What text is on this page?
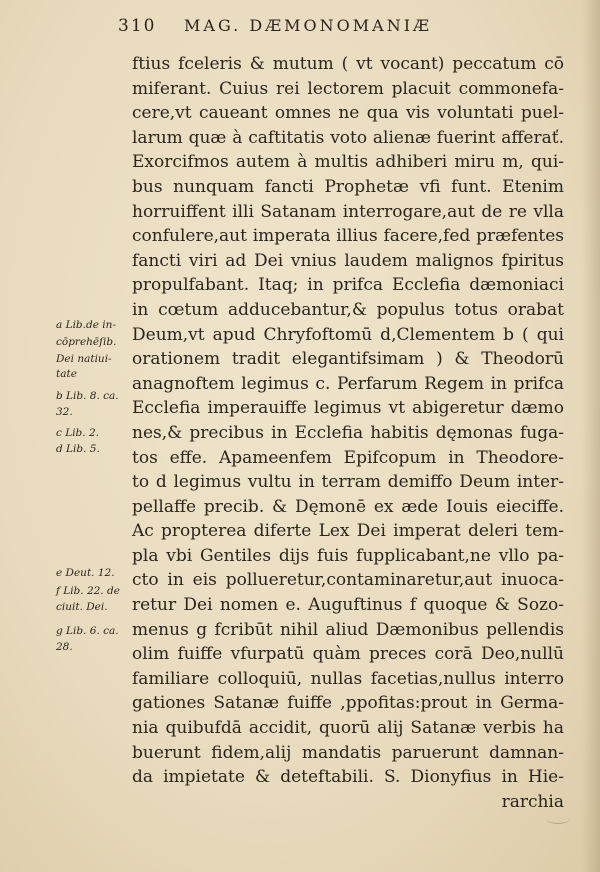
310	MAG. DÆMONOMANIÆ
ftius fceleris & mutum ( vt vocant) peccatum cō
miferant. Cuius rei lectorem placuit commonefa-
cere,vt caueant omnes ne qua vis voluntati puel-
larum quæ à caftitatis voto alienæ fuerint afferať.
Exorcifmos autem à multis adhiberi miru m, qui-
bus nunquam fancti Prophetæ vfi funt. Etenim
horruiffent illi Satanam interrogare,aut de re vlla
confulere,aut imperata illius facere,fed præfentes
fancti viri ad Dei vnius laudem malignos fpiritus
propulfabant. Itaq; in prifca Ecclefia dæmoniaci
in cœtum adducebantur,& populus totus orabat
Deum,vt apud Chryfoftomū d,Clementem b ( qui
orationem tradit elegantifsimam ) & Theodorū
anagnoftem legimus c. Perfarum Regem in prifca
Ecclefia imperauiffe legimus vt abigeretur dæmo
nes,& precibus in Ecclefia habitis dęmonas fuga-
tos effe. Apameenfem Epifcopum in Theodore-
to d legimus vultu in terram demiffo Deum inter-
pellaffe precib. & Dęmonē ex æde Iouis eieciffe.
Ac propterea diferte Lex Dei imperat deleri tem-
pla vbi Gentiles dijs fuis fupplicabant,ne vllo pa-
cto in eis pollueretur,contaminaretur,aut inuoca-
retur Dei nomen e. Auguftinus f quoque & Sozo-
menus g fcribūt nihil aliud Dæmonibus pellendis
olim fuiffe vfurpatū quàm preces corā Deo,nullū
familiare colloquiū, nullas facetias,nullus interro
gationes Satanæ fuiffe ,ppofitas:prout in Germa-
nia quibufdā accidit, quorū alij Satanæ verbis ha
buerunt fidem,alij mandatis paruerunt damnan-
da impietate & deteftabili. S. Dionyfius in Hie-
rarchia
a Lib.de in-
cōprehēſib.
Dei natiui-
tate
b Lib. 8. ca.
32.
c Lib. 2.
d Lib. 5.
e Deut. 12.
f Lib. 22. de
ciuit. Dei.
g Lib. 6. ca.
28.
